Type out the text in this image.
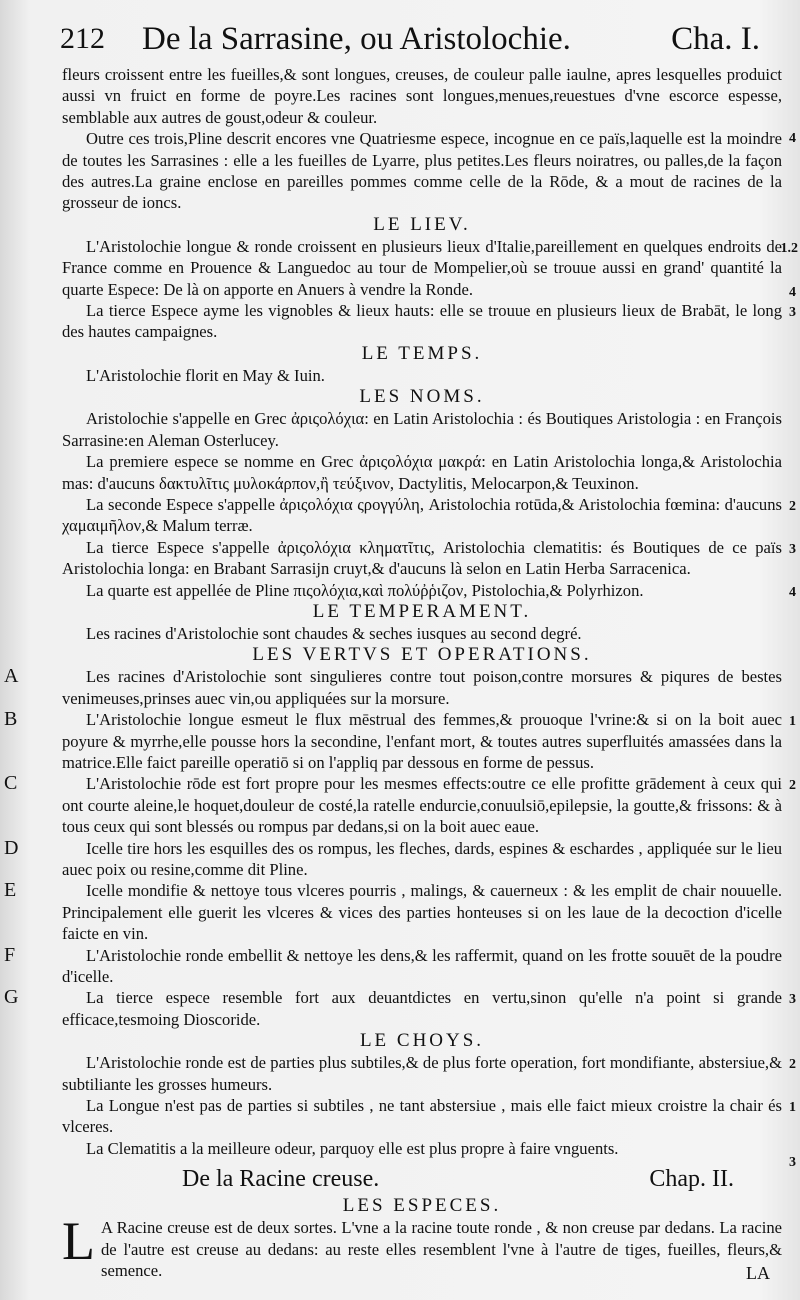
212 De la Sarrasine, ou Aristolochie.	Cha. I.

fleurs croissent entre les fueilles,& sont longues, creuses, de couleur palle iaulne, apres lesquelles produict aussi vn fruict en forme de poyre.Les racines sont longues,menues,reuestues d'vne escorce espesse, semblable aux autres de goust,odeur & couleur.

Outre ces trois,Pline descrit encores vne Quatriesme espece, incognue en ce païs,laquelle est la moindre de toutes les Sarrasines : elle a les fueilles de Lyarre, plus petites.Les fleurs noiratres, ou palles,de la façon des autres.La graine enclose en pareilles pommes comme celle de la Rōde, & a mout de racines de la grosseur de ioncs.

4
LE LIEV.

L'Aristolochie longue & ronde croissent en plusieurs lieux d'Italie,pareillement en quelques endroits de France comme en Prouence & Languedoc au tour de Mompelier,où se trouue aussi en grand' quantité la quarte Espece: De là on apporte en Anuers à vendre la Ronde.

1.2
4

La tierce Espece ayme les vignobles & lieux hauts: elle se trouue en plusieurs lieux de Brabāt, le long des hautes campaignes.

3
LE TEMPS.

L'Aristolochie florit en May & Iuin.

LES NOMS.

Aristolochie s'appelle en Grec ἀριςολόχια: en Latin Aristolochia : és Boutiques Aristologia : en François Sarrasine:en Aleman Osterlucey.

La premiere espece se nomme en Grec ἀριςολόχια μακρά: en Latin Aristolochia longa,& Aristolochia mas: d'aucuns δακτυλῖτις μυλοκάρπον,ἢ τεύξινον, Dactylitis, Melocarpon,& Teuxinon.

La seconde Espece s'appelle ἀριςολόχια ςρογγύλη, Aristolochia rotūda,& Aristolochia fœmina: d'aucuns χαμαιμῆλον,& Malum terræ.

2

La tierce Espece s'appelle ἀριςολόχια κληματῖτις, Aristolochia clematitis: és Boutiques de ce païs Aristolochia longa: en Brabant Sarrasijn cruyt,& d'aucuns là selon en Latin Herba Sarracenica.

3

La quarte est appellée de Pline πιςολόχια,καὶ πολύῤῥιζον, Pistolochia,& Polyrhizon.	4
LE TEMPERAMENT.

Les racines d'Aristolochie sont chaudes & seches iusques au second degré.

LES VERTVS ET OPERATIONS.
A	Les racines d'Aristolochie sont singulieres contre tout poison,contre morsures & piqures de bestes venimeuses,prinses auec vin,ou appliquées sur la morsure.

B	L'Aristolochie longue esmeut le flux mēstrual des femmes,& prouoque l'vrine:& si on la boit auec poyure & myrrhe,elle pousse hors la secondine, l'enfant mort, & toutes autres superfluités amassées dans la matrice.Elle faict pareille operatiō si on l'appliq par dessous en forme de pessus.

1
C	L'Aristolochie rōde est fort propre pour les mesmes effects:outre ce elle profitte grādement à ceux qui ont courte aleine,le hoquet,douleur de costé,la ratelle endurcie,conuulsiō,epilepsie, la goutte,& frissons: & à tous ceux qui sont blessés ou rompus par dedans,si on la boit auec eaue.

2
D	Icelle tire hors les esquilles des os rompus, les fleches, dards, espines & eschardes , appliquée sur le lieu auec poix ou resine,comme dit Pline.

E	Icelle mondifie & nettoye tous vlceres pourris , malings, & cauerneux : & les emplit de chair nouuelle. Principalement elle guerit les vlceres & vices des parties honteuses si on les laue de la decoction d'icelle faicte en vin.

F	L'Aristolochie ronde embellit & nettoye les dens,& les raffermit, quand on les frotte souuēt de la poudre d'icelle.

G	La tierce espece resemble fort aux deuantdictes en vertu,sinon qu'elle n'a point si grande efficace,tesmoing Dioscoride.

3
LE CHOYS.

L'Aristolochie ronde est de parties plus subtiles,& de plus forte operation, fort mondifiante, abstersiue,& subtiliante les grosses humeurs.

2

La Longue n'est pas de parties si subtiles , ne tant abstersiue , mais elle faict mieux croistre la chair és vlceres.

1

La Clematitis a la meilleure odeur, parquoy elle est plus propre à faire vnguents.

3
De la Racine creuse.	Chap. II.
LES ESPECES.

L A Racine creuse est de deux sortes. L'vne a la racine toute ronde , & non creuse par dedans. La racine de l'autre est creuse au dedans: au reste elles resemblent l'vne à l'autre de tiges, fueilles, fleurs,& semence.	LA
